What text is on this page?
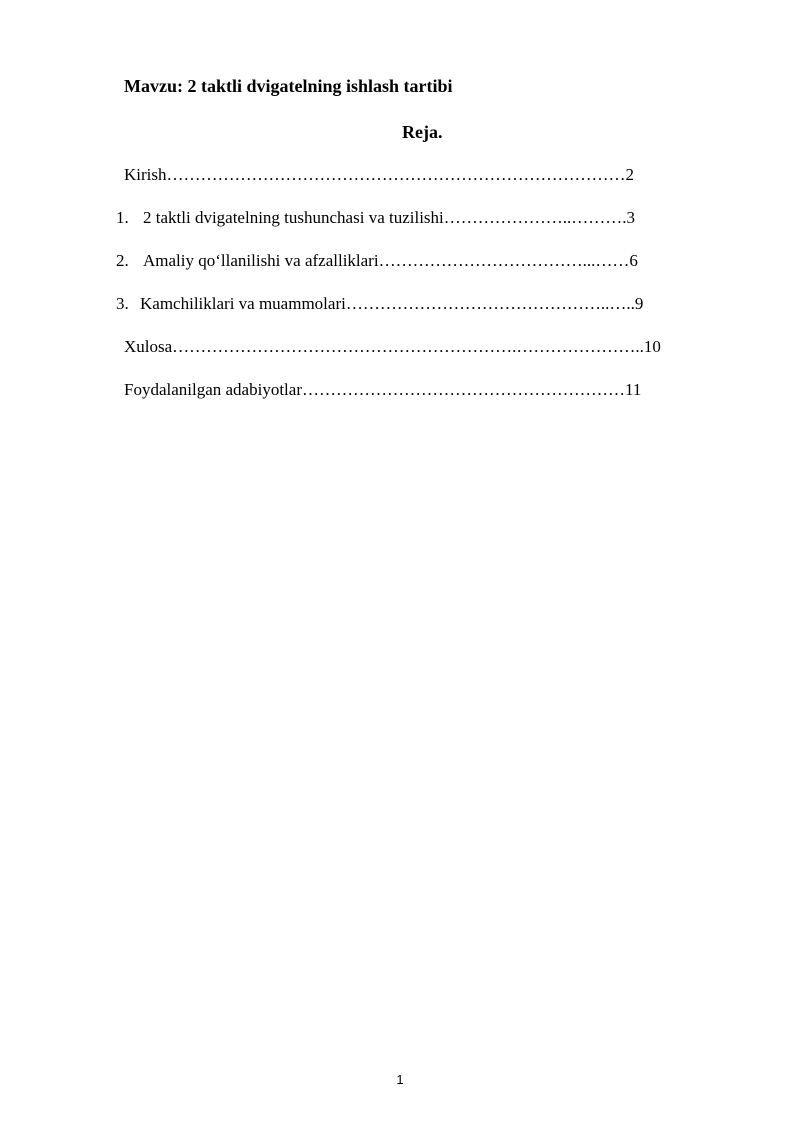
Mavzu: 2 taktli dvigatelning ishlash tartibi
Reja.
Kirish………………………………………………………………………2
1. 2 taktli dvigatelning tushunchasi va tuzilishi…………………..……….3
2. Amaliy qo‘llanilishi va afzalliklari………………………………...……6
3. Kamchiliklari va muammolari………………………………………..…..9
Xulosa…………………………………………………….…………………..10
Foydalanilgan adabiyotlar…………………………………………………11
1
